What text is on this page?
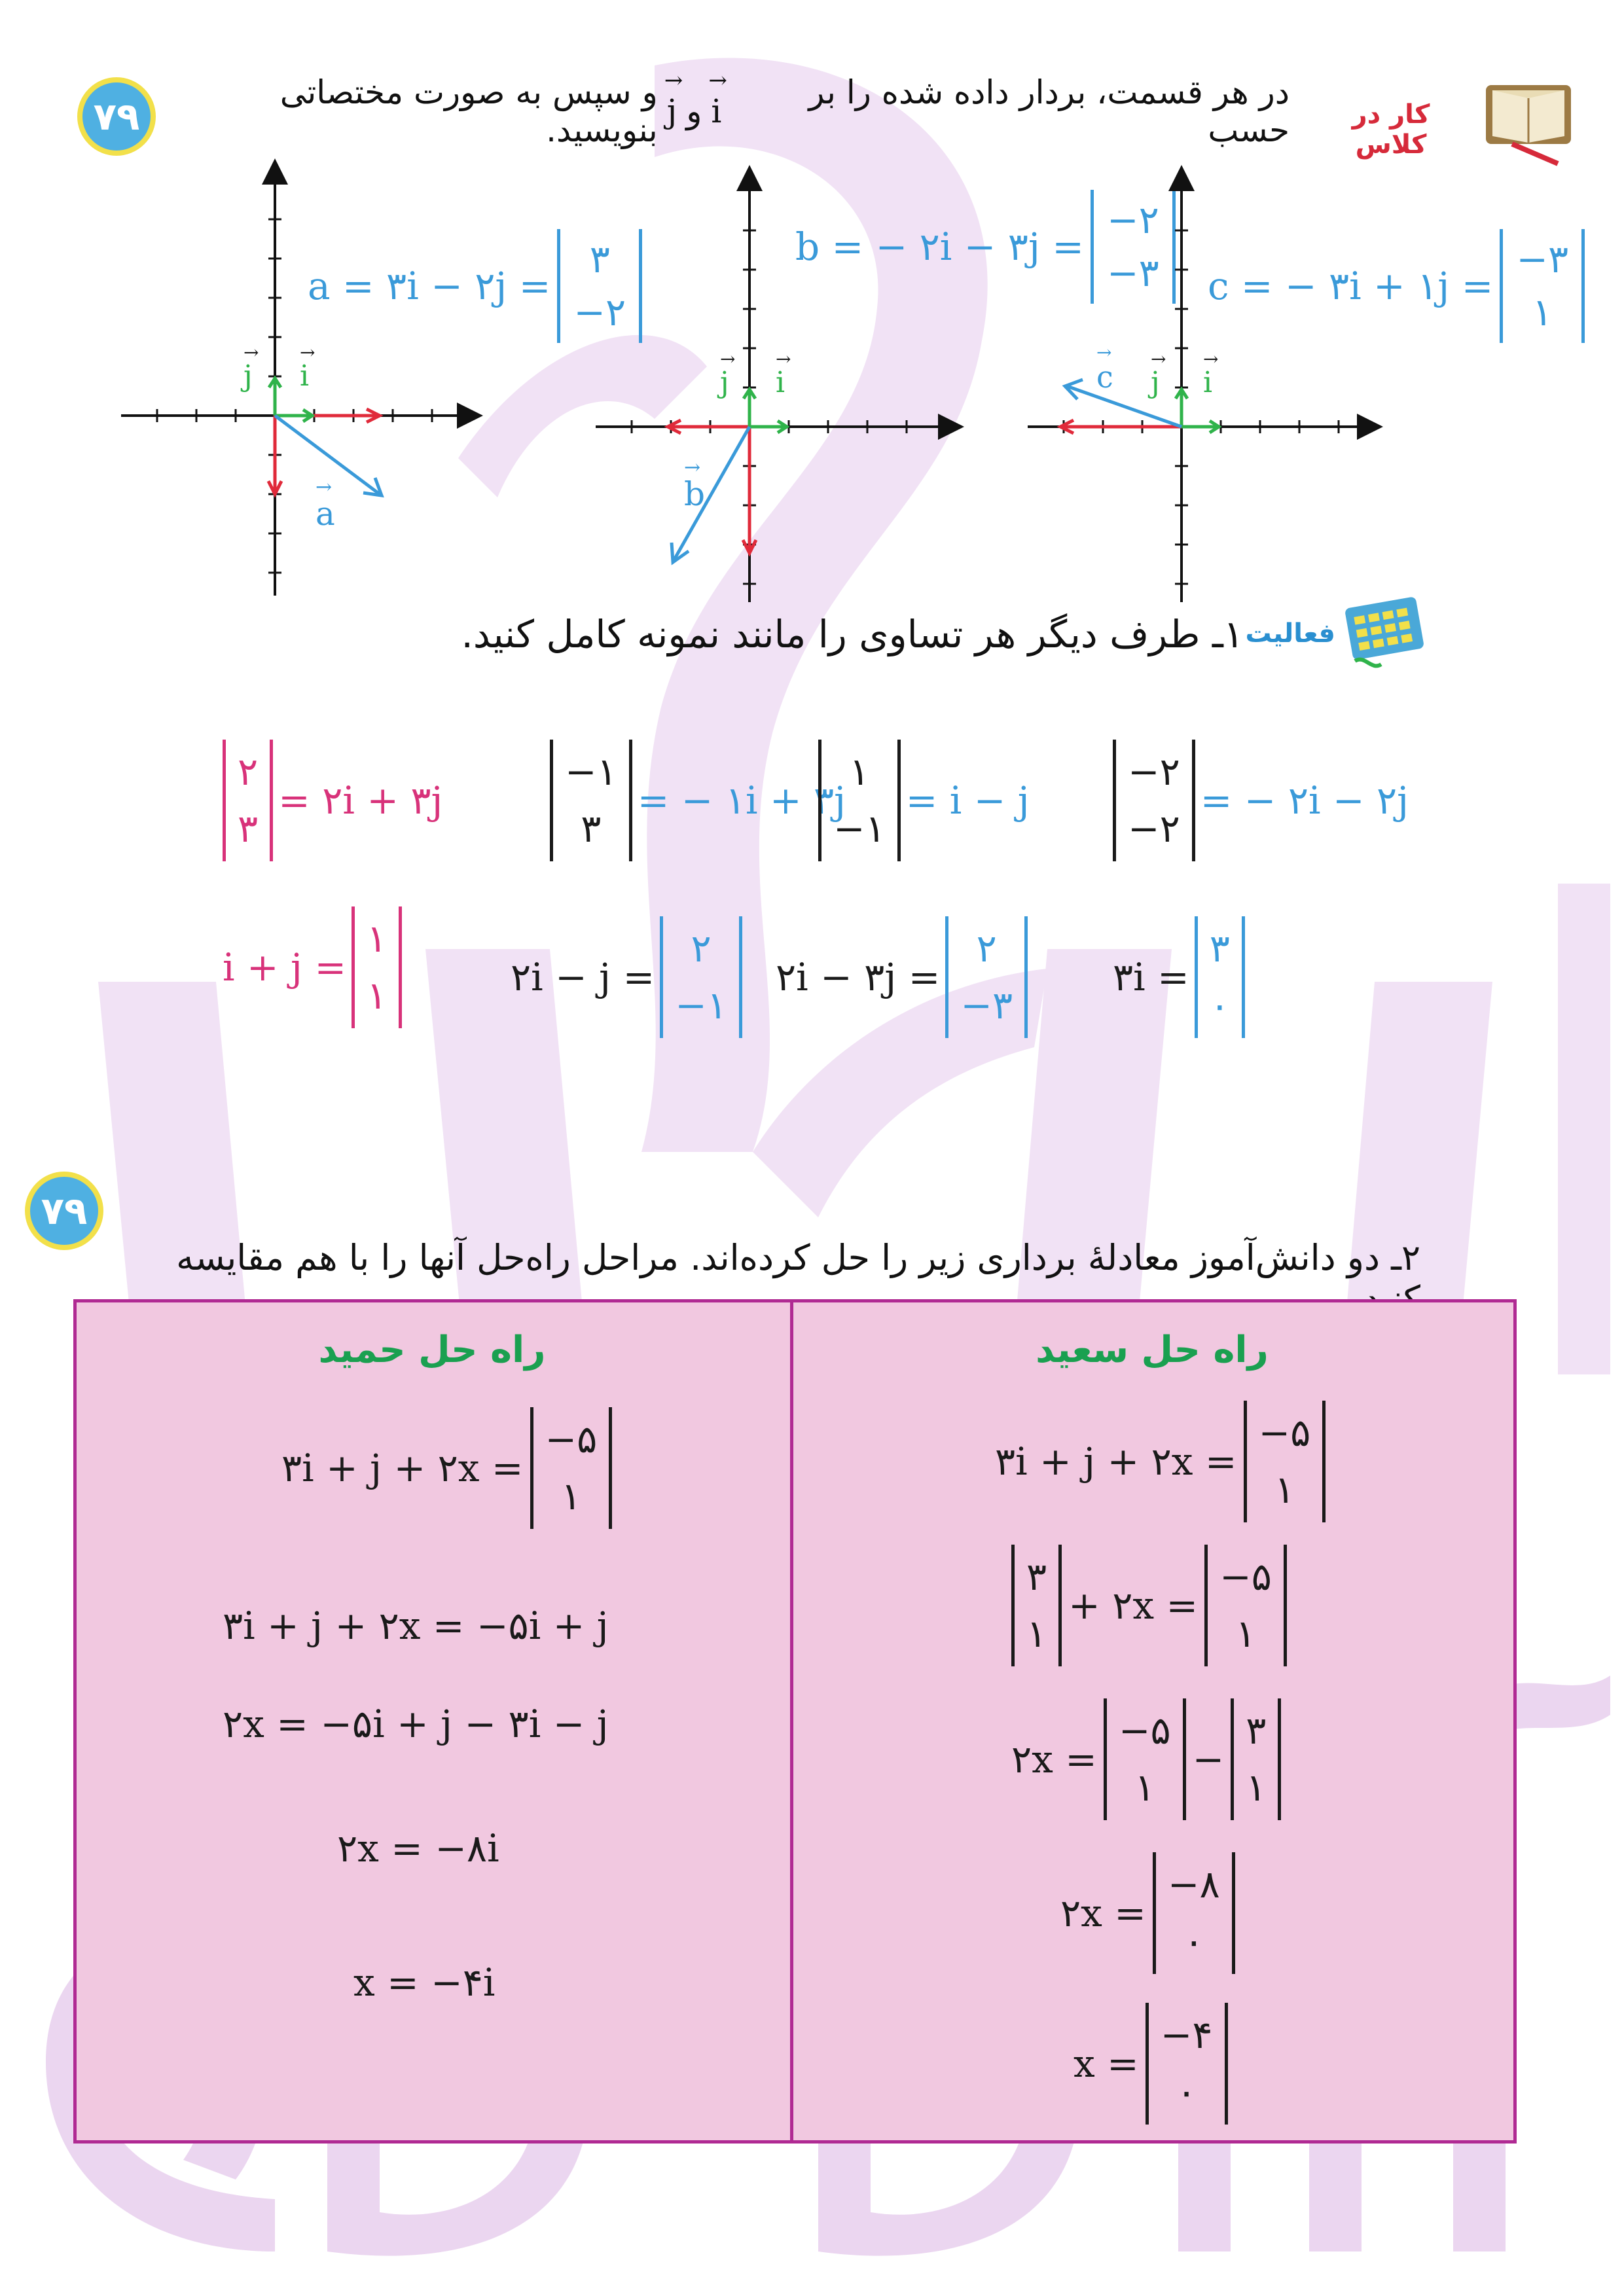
۷۹
در هر قسمت، بردار داده شده را بر حسب
→
i
و
→
j
و سپس به صورت مختصاتی بنویسید.	کار در کلاس
→
j
→
i
→
a
a = ۳i − ۲j =
۳
−۲
→
j
→
i
→
b
b = − ۲i − ۳j =
−۲
−۳
→
j
→
i
→
c
c = − ۳i + ۱j =
−۳
۱
فعالیت
۱ـ طرف دیگر هر تساوی را مانند نمونه کامل کنید.
۲
۳
= ۲i + ۳j
−۱
۳
= − ۱i + ۳j
۱
−۱
= i − j
−۲
−۲
= − ۲i − ۲j
i + j =
۱
۱	۲i − j =
۲
−۱
۲i − ۳j =
۲
−۳
۳i =
۳
۰
۷۹
۲ـ دو دانش‌آموز معادلهٔ برداری زیر را حل کرده‌اند. مراحل راه‌حل آنها را با هم مقایسه
راه حل حمید
۳i + j + ۲x =
−۵
۱
۳i + j + ۲x = −۵i + j
۲x = −۵i + j − ۳i − j
۲x = −۸i
x = −۴i
راه حل سعید
۳i + j + ۲x =
−۵
۱
۳
۱
+ ۲x =
−۵
۱
۲x =
−۵
۱
−
۳
۱
۲x =
−۸
۰
x =
−۴
۰
